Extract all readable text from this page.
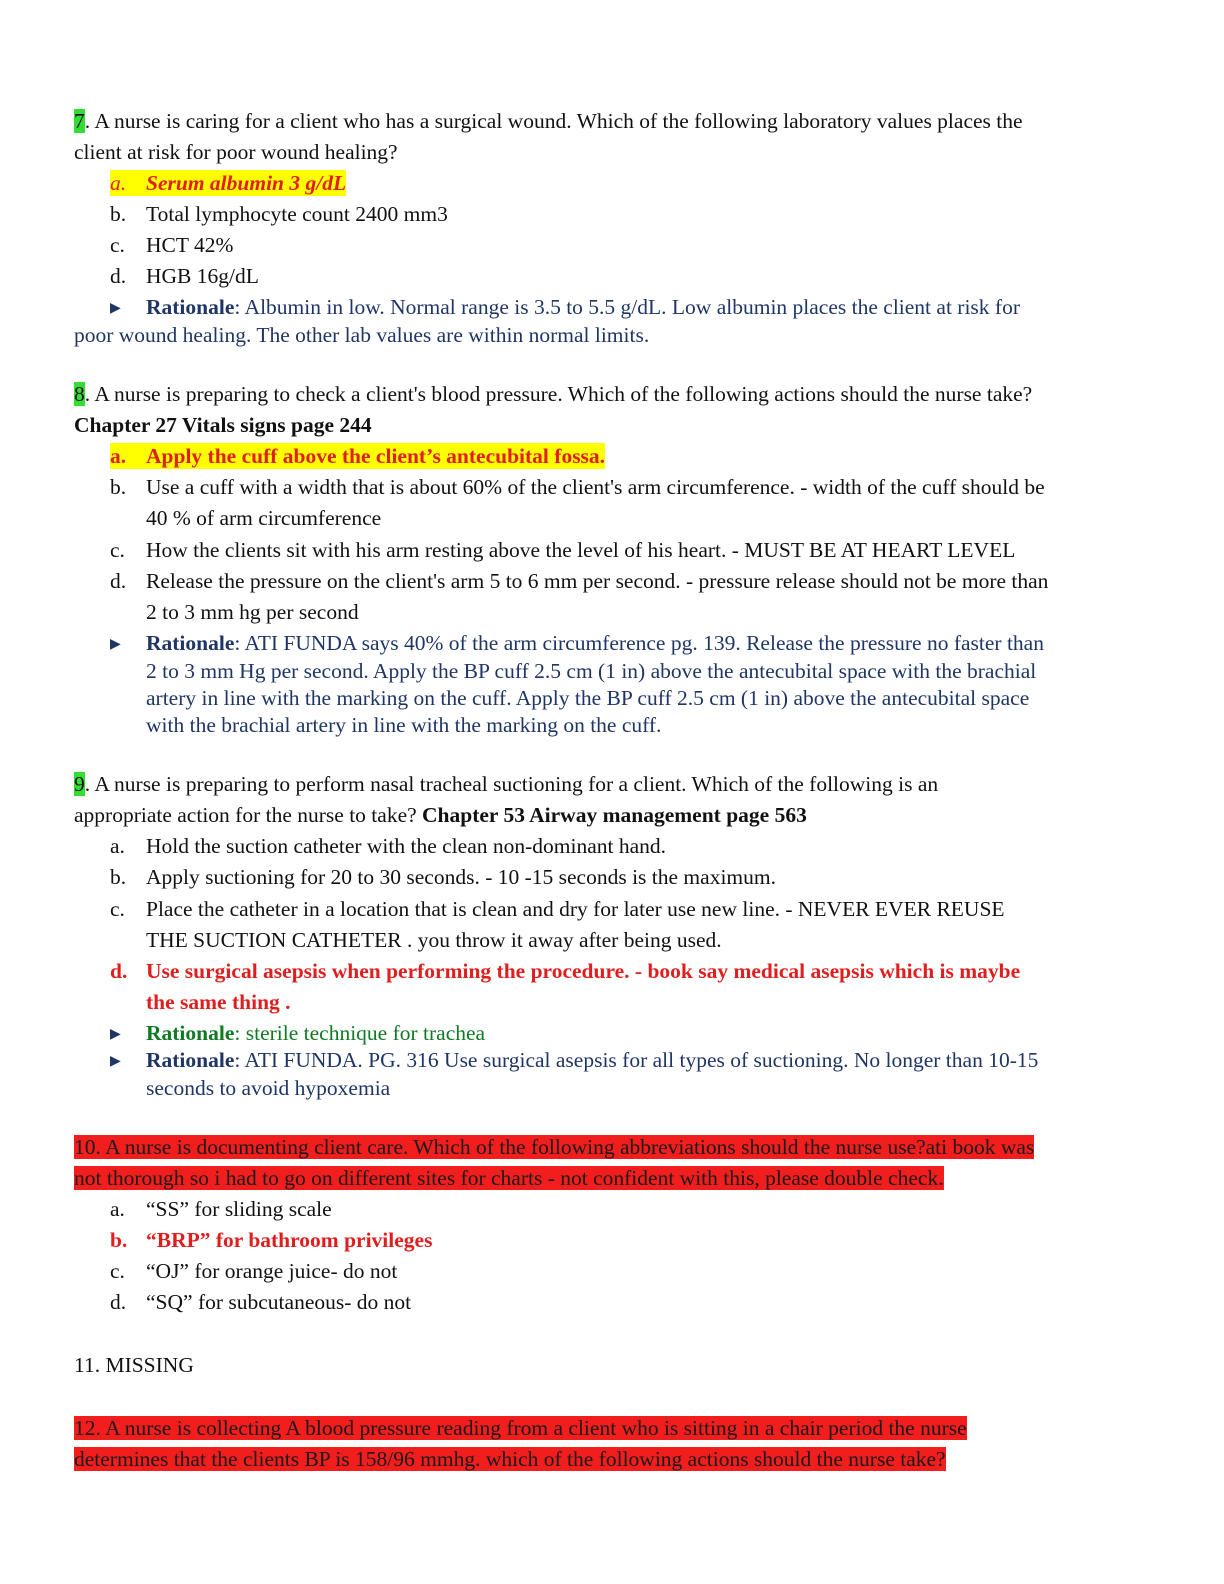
7. A nurse is caring for a client who has a surgical wound. Which of the following laboratory values places the
client at risk for poor wound healing?
a. Serum albumin 3 g/dL
b. Total lymphocyte count 2400 mm3
c. HCT 42%
d. HGB 16g/dL
▶ Rationale: Albumin in low. Normal range is 3.5 to 5.5 g/dL. Low albumin places the client at risk for
poor wound healing. The other lab values are within normal limits.
8. A nurse is preparing to check a client's blood pressure. Which of the following actions should the nurse take?
Chapter 27 Vitals signs page 244
a. Apply the cuff above the client’s antecubital fossa.
b. Use a cuff with a width that is about 60% of the client's arm circumference. - width of the cuff should be
40 % of arm circumference
c. How the clients sit with his arm resting above the level of his heart. - MUST BE AT HEART LEVEL
d. Release the pressure on the client's arm 5 to 6 mm per second. - pressure release should not be more than
2 to 3 mm hg per second
▶ Rationale: ATI FUNDA says 40% of the arm circumference pg. 139. Release the pressure no faster than
2 to 3 mm Hg per second. Apply the BP cuff 2.5 cm (1 in) above the antecubital space with the brachial
artery in line with the marking on the cuff. Apply the BP cuff 2.5 cm (1 in) above the antecubital space
with the brachial artery in line with the marking on the cuff.
9. A nurse is preparing to perform nasal tracheal suctioning for a client. Which of the following is an
appropriate action for the nurse to take? Chapter 53 Airway management page 563
a. Hold the suction catheter with the clean non-dominant hand.
b. Apply suctioning for 20 to 30 seconds. - 10 -15 seconds is the maximum.
c. Place the catheter in a location that is clean and dry for later use new line. - NEVER EVER REUSE
THE SUCTION CATHETER . you throw it away after being used.
d. Use surgical asepsis when performing the procedure. - book say medical asepsis which is maybe
the same thing .
▶ Rationale: sterile technique for trachea
▶ Rationale: ATI FUNDA. PG. 316 Use surgical asepsis for all types of suctioning. No longer than 10-15
seconds to avoid hypoxemia
10. A nurse is documenting client care. Which of the following abbreviations should the nurse use?ati book was
not thorough so i had to go on different sites for charts - not confident with this, please double check.
a. “SS” for sliding scale
b. “BRP” for bathroom privileges
c. “OJ” for orange juice- do not
d. “SQ” for subcutaneous- do not
11. MISSING
12. A nurse is collecting A blood pressure reading from a client who is sitting in a chair period the nurse
determines that the clients BP is 158/96 mmhg. which of the following actions should the nurse take?
